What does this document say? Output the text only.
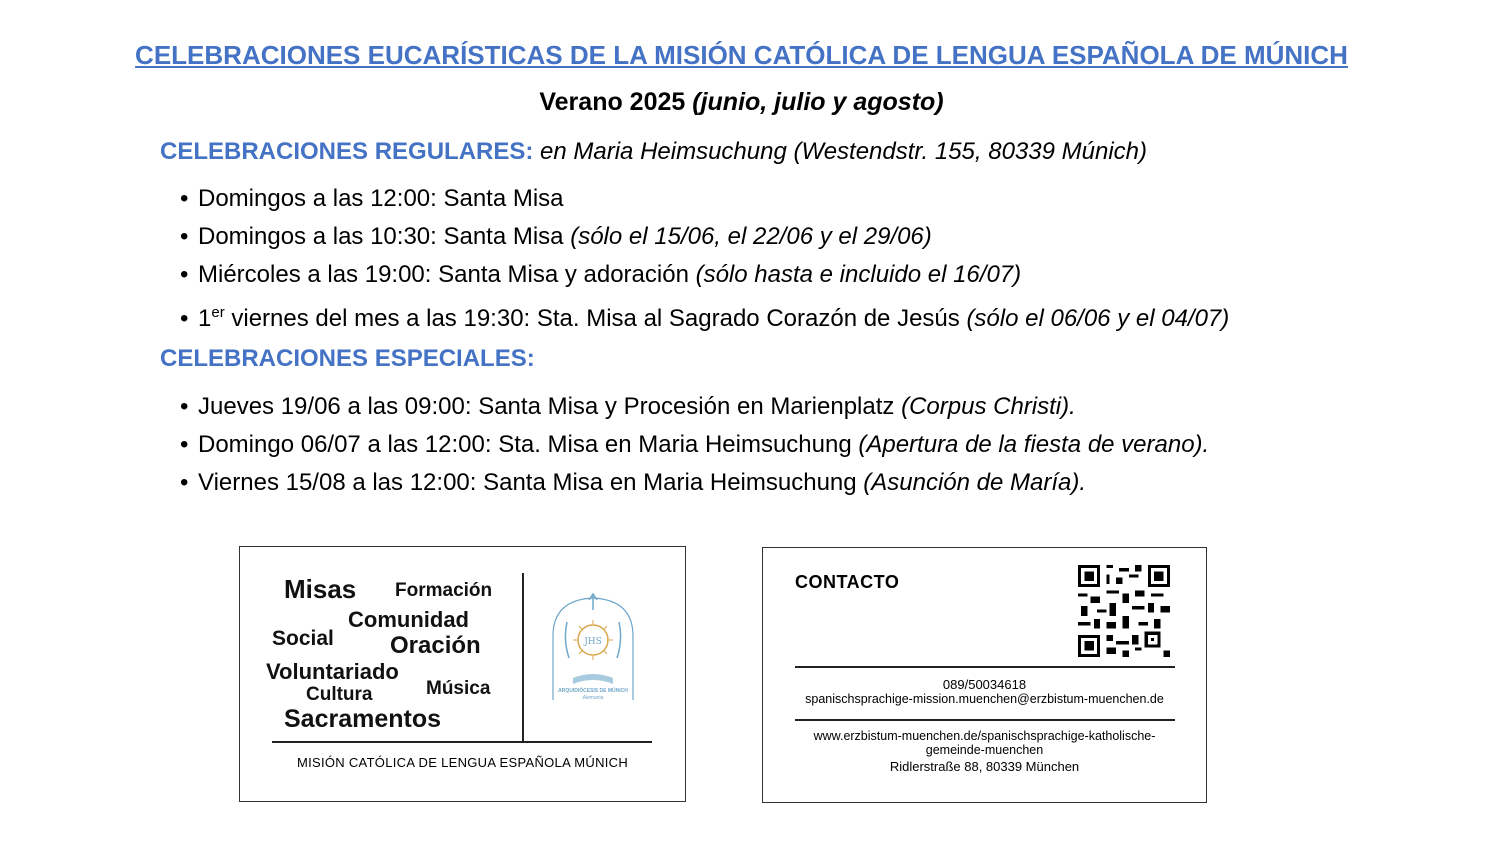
CELEBRACIONES EUCARÍSTICAS DE LA MISIÓN CATÓLICA DE LENGUA ESPAÑOLA DE MÚNICH
Verano 2025 (junio, julio y agosto)
CELEBRACIONES REGULARES: en Maria Heimsuchung (Westendstr. 155, 80339 Múnich)
• Domingos a las 12:00: Santa Misa
• Domingos a las 10:30: Santa Misa (sólo el 15/06, el 22/06 y el 29/06)
• Miércoles a las 19:00: Santa Misa y adoración (sólo hasta e incluido el 16/07)
• 1er viernes del mes a las 19:30: Sta. Misa al Sagrado Corazón de Jesús (sólo el 06/06 y el 04/07)
CELEBRACIONES ESPECIALES:
• Jueves 19/06 a las 09:00: Santa Misa y Procesión en Marienplatz (Corpus Christi).
• Domingo 06/07 a las 12:00: Sta. Misa en Maria Heimsuchung (Apertura de la fiesta de verano).
• Viernes 15/08 a las 12:00: Santa Misa en Maria Heimsuchung (Asunción de María).
Misas Formación
Comunidad
Social Oración
Voluntariado
Cultura	Música
Sacramentos
JHS
ARQUIDIÓCESIS DE MÚNICH
Alemania
MISIÓN CATÓLICA DE LENGUA ESPAÑOLA MÚNICH
CONTACTO
089/50034618
spanischsprachige-mission.muenchen@erzbistum-muenchen.de
www.erzbistum-muenchen.de/spanischsprachige-katholische-
gemeinde-muenchen
Ridlerstraße 88, 80339 München
